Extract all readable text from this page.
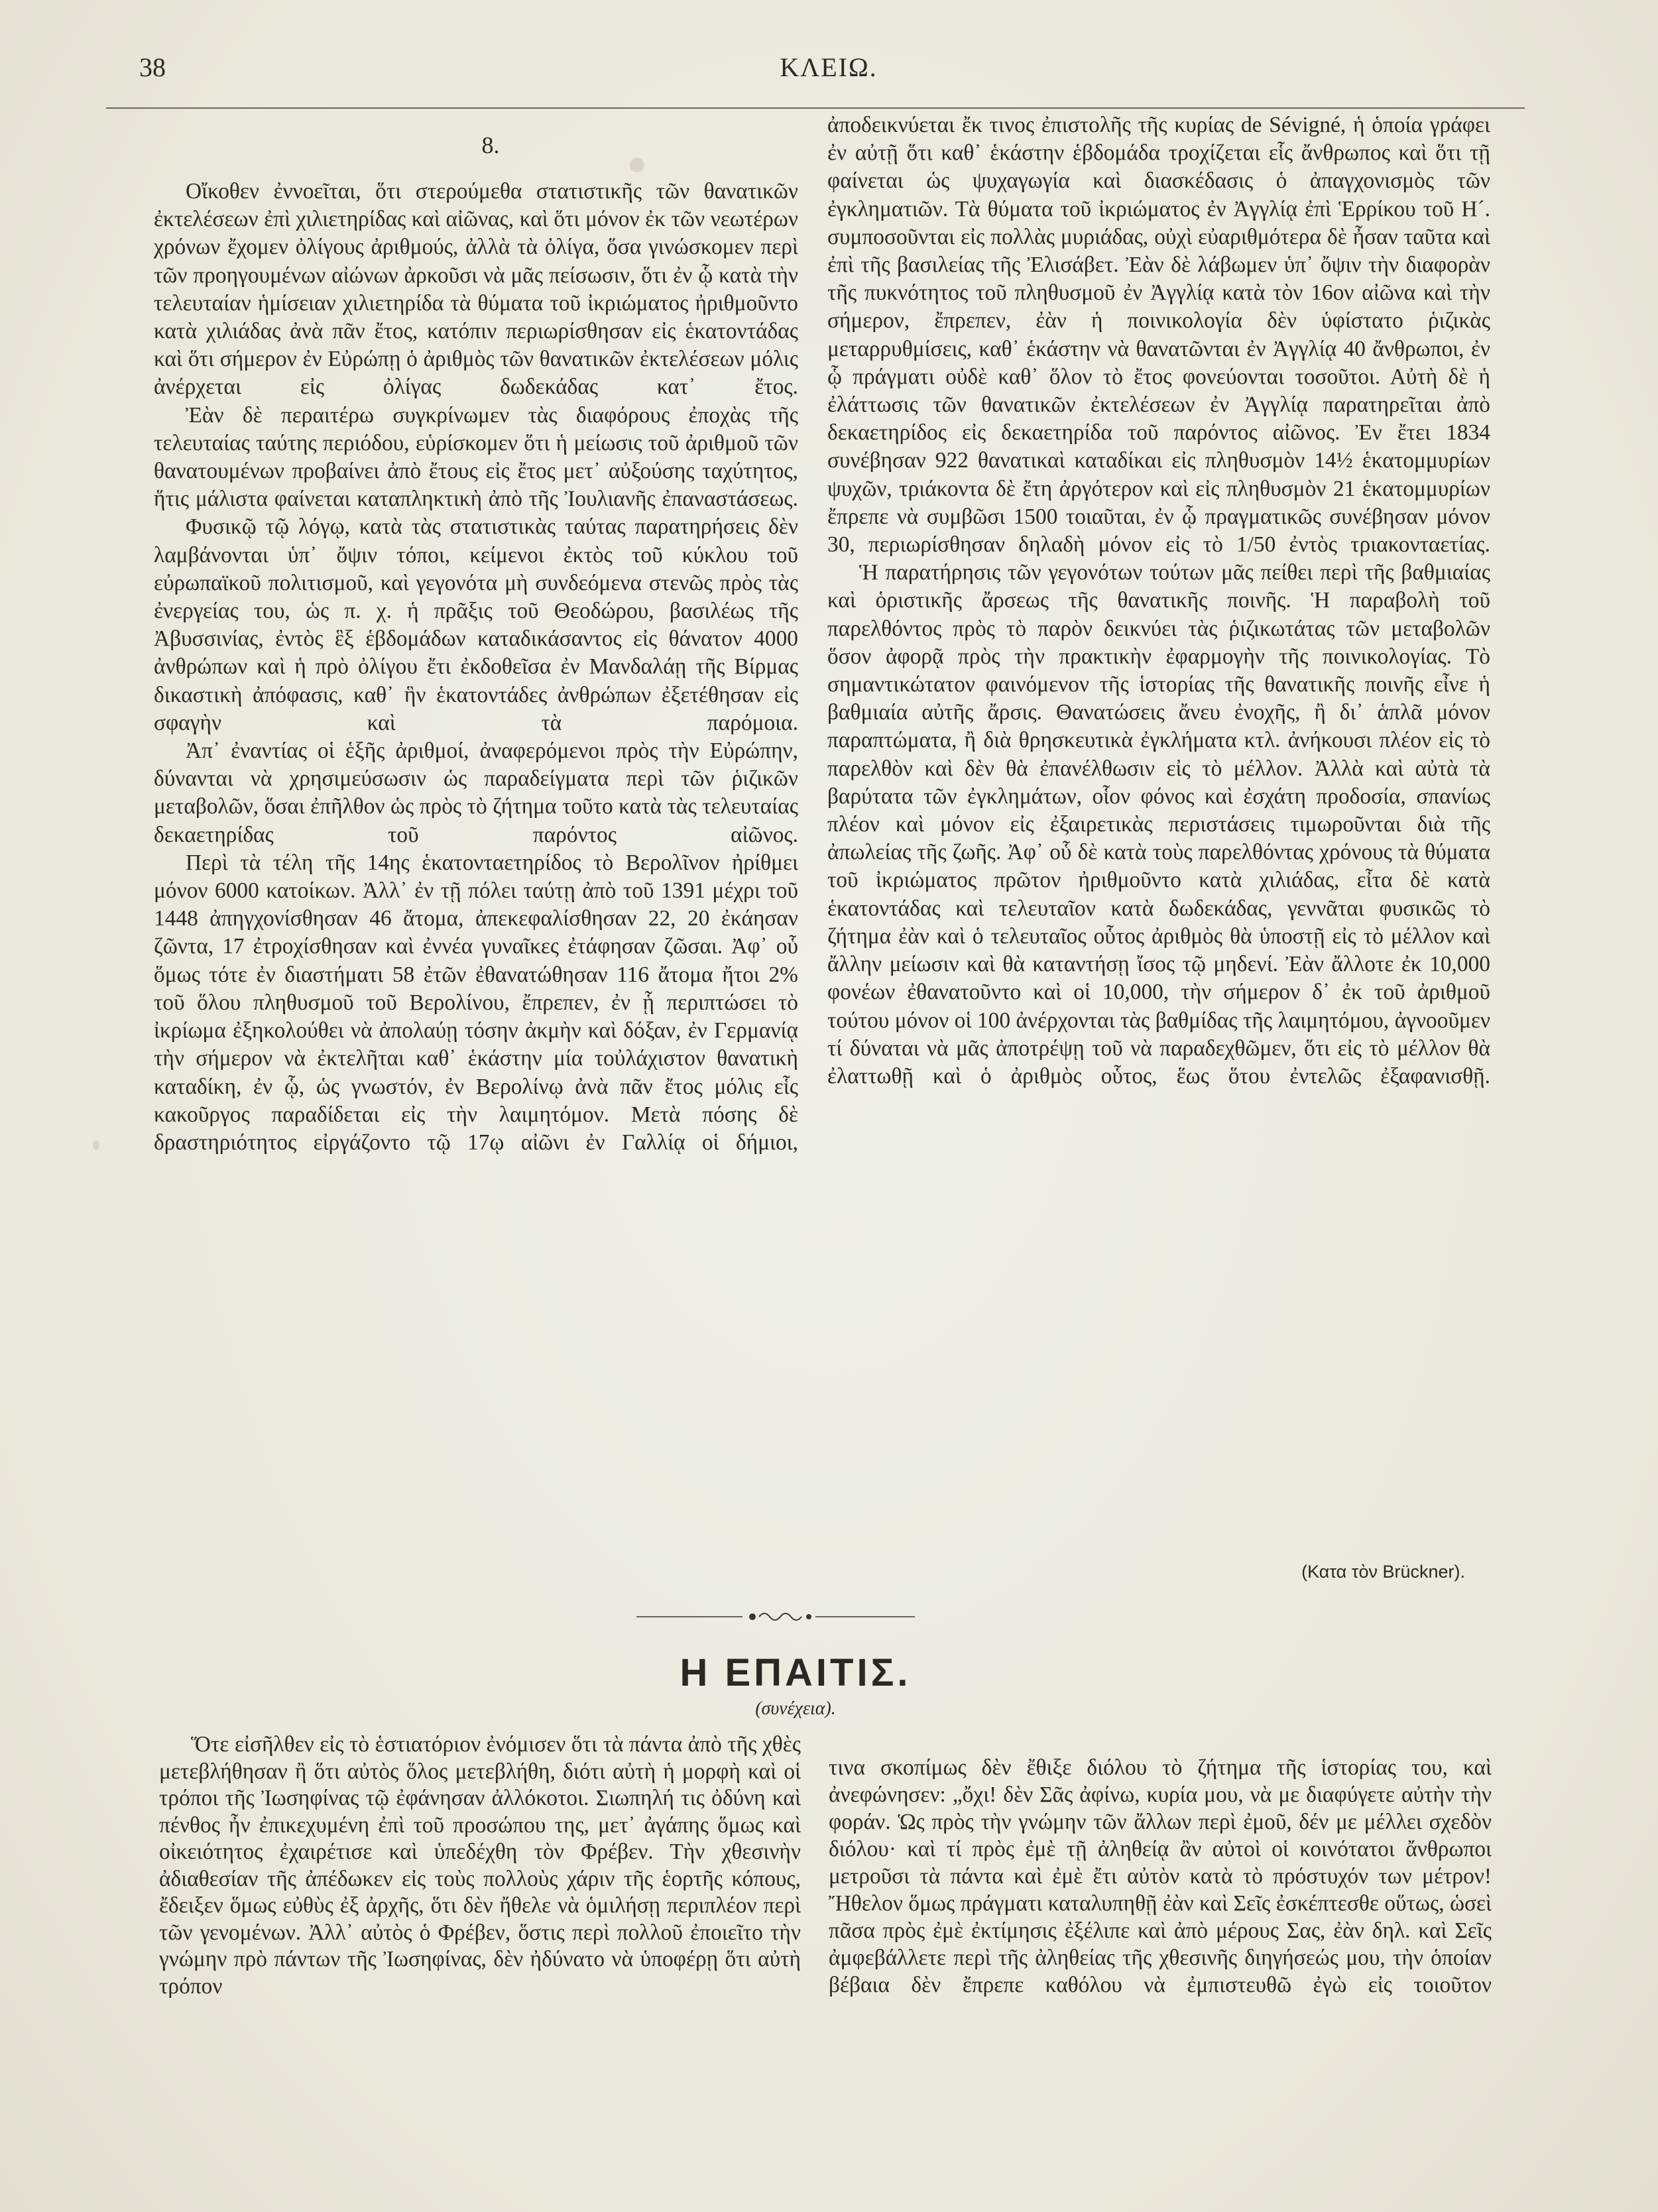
38	ΚΛΕΙΩ.
8.

Οἴκοθεν ἐννοεῖται, ὅτι στερούμεθα στατιστικῆς τῶν θανατικῶν ἐκτελέσεων ἐπὶ χιλιετηρίδας καὶ αἰῶνας, καὶ ὅτι μόνον ἐκ τῶν νεωτέρων χρόνων ἔχομεν ὀλίγους ἀριθμούς, ἀλλὰ τὰ ὀλίγα, ὅσα γινώσκομεν περὶ τῶν προηγουμένων αἰώνων ἀρκοῦσι νὰ μᾶς πείσωσιν, ὅτι ἐν ᾧ κατὰ τὴν τελευταίαν ἡμίσειαν χιλιετηρίδα τὰ θύματα τοῦ ἰκριώματος ἠριθμοῦντο κατὰ χιλιάδας ἀνὰ πᾶν ἔτος, κατόπιν περιωρίσθησαν εἰς ἑκατοντάδας καὶ ὅτι σήμερον ἐν Εὐρώπῃ ὁ ἀριθμὸς τῶν θανατικῶν ἐκτελέσεων μόλις ἀνέρχεται εἰς ὀλίγας δωδεκάδας κατ᾽ ἔτος.

Ἐὰν δὲ περαιτέρω συγκρίνωμεν τὰς διαφόρους ἐποχὰς τῆς τελευταίας ταύτης περιόδου, εὑρίσκομεν ὅτι ἡ μείωσις τοῦ ἀριθμοῦ τῶν θανατουμένων προβαίνει ἀπὸ ἔτους εἰς ἔτος μετ᾽ αὐξούσης ταχύτητος, ἥτις μάλιστα φαίνεται καταπληκτικὴ ἀπὸ τῆς Ἰουλιανῆς ἐπαναστάσεως.

Φυσικῷ τῷ λόγῳ, κατὰ τὰς στατιστικὰς ταύτας παρατηρήσεις δὲν λαμβάνονται ὑπ᾽ ὄψιν τόποι, κείμενοι ἐκτὸς τοῦ κύκλου τοῦ εὐρωπαϊκοῦ πολιτισμοῦ, καὶ γεγονότα μὴ συνδεόμενα στενῶς πρὸς τὰς ἐνεργείας του, ὡς π. χ. ἡ πρᾶξις τοῦ Θεοδώρου, βασιλέως τῆς Ἀβυσσινίας, ἐντὸς ἓξ ἑβδομάδων καταδικάσαντος εἰς θάνατον 4000 ἀνθρώπων καὶ ἡ πρὸ ὀλίγου ἔτι ἐκδοθεῖσα ἐν Μανδαλάῃ τῆς Βίρμας δικαστικὴ ἀπόφασις, καθ᾽ ἣν ἑκατοντάδες ἀνθρώπων ἐξετέθησαν εἰς σφαγὴν καὶ τὰ παρόμοια.

Ἀπ᾽ ἐναντίας οἱ ἑξῆς ἀριθμοί, ἀναφερόμενοι πρὸς τὴν Εὐρώπην, δύνανται νὰ χρησιμεύσωσιν ὡς παραδείγματα περὶ τῶν ῥιζικῶν μεταβολῶν, ὅσαι ἐπῆλθον ὡς πρὸς τὸ ζήτημα τοῦτο κατὰ τὰς τελευταίας δεκαετηρίδας τοῦ παρόντος αἰῶνος.

Περὶ τὰ τέλη τῆς 14ης ἑκατονταετηρίδος τὸ Βερολῖνον ἠρίθμει μόνον 6000 κατοίκων. Ἀλλ᾽ ἐν τῇ πόλει ταύτῃ ἀπὸ τοῦ 1391 μέχρι τοῦ 1448 ἀπηγχονίσθησαν 46 ἄτομα, ἀπεκεφαλίσθησαν 22, 20 ἐκάησαν ζῶντα, 17 ἐτροχίσθησαν καὶ ἐννέα γυναῖκες ἐτάφησαν ζῶσαι. Ἀφ᾽ οὗ ὅμως τότε ἐν διαστήματι 58 ἐτῶν ἐθανατώθησαν 116 ἄτομα ἤτοι 2% τοῦ ὅλου πληθυσμοῦ τοῦ Βερολίνου, ἔπρεπεν, ἐν ᾗ περιπτώσει τὸ ἰκρίωμα ἐξηκολούθει νὰ ἀπολαύῃ τόσην ἀκμὴν καὶ δόξαν, ἐν Γερμανίᾳ τὴν σήμερον νὰ ἐκτελῆται καθ᾽ ἑκάστην μία τοὐλάχιστον θανατικὴ καταδίκη, ἐν ᾧ, ὡς γνωστόν, ἐν Βερολίνῳ ἀνὰ πᾶν ἔτος μόλις εἷς κακοῦργος παραδίδεται εἰς τὴν λαιμητόμον. Μετὰ πόσης δὲ δραστηριότητος εἰργάζοντο τῷ 17ῳ αἰῶνι ἐν Γαλλίᾳ οἱ δήμιοι,

ἀποδεικνύεται ἔκ τινος ἐπιστολῆς τῆς κυρίας de Sévigné, ἡ ὁποία γράφει ἐν αὐτῇ ὅτι καθ᾽ ἑκάστην ἑβδομάδα τροχίζεται εἷς ἄνθρωπος καὶ ὅτι τῇ φαίνεται ὡς ψυχαγωγία καὶ διασκέδασις ὁ ἀπαγχονισμὸς τῶν ἐγκληματιῶν. Τὰ θύματα τοῦ ἰκριώματος ἐν Ἀγγλίᾳ ἐπὶ Ἑρρίκου τοῦ Η´. συμποσοῦνται εἰς πολλὰς μυριάδας, οὐχὶ εὐαριθμότερα δὲ ἦσαν ταῦτα καὶ ἐπὶ τῆς βασιλείας τῆς Ἐλισάβετ. Ἐὰν δὲ λάβωμεν ὑπ᾽ ὄψιν τὴν διαφορὰν τῆς πυκνότητος τοῦ πληθυσμοῦ ἐν Ἀγγλίᾳ κατὰ τὸν 16ον αἰῶνα καὶ τὴν σήμερον, ἔπρεπεν, ἐὰν ἡ ποινικολογία δὲν ὑφίστατο ῥιζικὰς μεταρρυθμίσεις, καθ᾽ ἑκάστην νὰ θανατῶνται ἐν Ἀγγλίᾳ 40 ἄνθρωποι, ἐν ᾧ πράγματι οὐδὲ καθ᾽ ὅλον τὸ ἔτος φονεύονται τοσοῦτοι. Αὐτὴ δὲ ἡ ἐλάττωσις τῶν θανατικῶν ἐκτελέσεων ἐν Ἀγγλίᾳ παρατηρεῖται ἀπὸ δεκαετηρίδος εἰς δεκαετηρίδα τοῦ παρόντος αἰῶνος. Ἐν ἔτει 1834 συνέβησαν 922 θανατικαὶ καταδίκαι εἰς πληθυσμὸν 14½ ἑκατομμυρίων ψυχῶν, τριάκοντα δὲ ἔτη ἀργότερον καὶ εἰς πληθυσμὸν 21 ἑκατομμυρίων ἔπρεπε νὰ συμβῶσι 1500 τοιαῦται, ἐν ᾧ πραγματικῶς συνέβησαν μόνον 30, περιωρίσθησαν δηλαδὴ μόνον εἰς τὸ 1/50 ἐντὸς τριακονταετίας.

Ἡ παρατήρησις τῶν γεγονότων τούτων μᾶς πείθει περὶ τῆς βαθμιαίας καὶ ὁριστικῆς ἄρσεως τῆς θανατικῆς ποινῆς. Ἡ παραβολὴ τοῦ παρελθόντος πρὸς τὸ παρὸν δεικνύει τὰς ῥιζικωτάτας τῶν μεταβολῶν ὅσον ἀφορᾷ πρὸς τὴν πρακτικὴν ἐφαρμογὴν τῆς ποινικολογίας. Τὸ σημαντικώτατον φαινόμενον τῆς ἱστορίας τῆς θανατικῆς ποινῆς εἶνε ἡ βαθμιαία αὐτῆς ἄρσις. Θανατώσεις ἄνευ ἐνοχῆς, ἢ δι᾽ ἁπλᾶ μόνον παραπτώματα, ἢ διὰ θρησκευτικὰ ἐγκλήματα κτλ. ἀνήκουσι πλέον εἰς τὸ παρελθὸν καὶ δὲν θὰ ἐπανέλθωσιν εἰς τὸ μέλλον. Ἀλλὰ καὶ αὐτὰ τὰ βαρύτατα τῶν ἐγκλημάτων, οἷον φόνος καὶ ἐσχάτη προδοσία, σπανίως πλέον καὶ μόνον εἰς ἐξαιρετικὰς περιστάσεις τιμωροῦνται διὰ τῆς ἀπωλείας τῆς ζωῆς. Ἀφ᾽ οὗ δὲ κατὰ τοὺς παρελθόντας χρόνους τὰ θύματα τοῦ ἰκριώματος πρῶτον ἠριθμοῦντο κατὰ χιλιάδας, εἶτα δὲ κατὰ ἑκατοντάδας καὶ τελευταῖον κατὰ δωδεκάδας, γεννᾶται φυσικῶς τὸ ζήτημα ἐὰν καὶ ὁ τελευταῖος οὗτος ἀριθμὸς θὰ ὑποστῇ εἰς τὸ μέλλον καὶ ἄλλην μείωσιν καὶ θὰ καταντήσῃ ἴσος τῷ μηδενί. Ἐὰν ἄλλοτε ἐκ 10,000 φονέων ἐθανατοῦντο καὶ οἱ 10,000, τὴν σήμερον δ᾽ ἐκ τοῦ ἀριθμοῦ τούτου μόνον οἱ 100 ἀνέρχονται τὰς βαθμίδας τῆς λαιμητόμου, ἀγνοοῦμεν τί δύναται νὰ μᾶς ἀποτρέψῃ τοῦ νὰ παραδεχθῶμεν, ὅτι εἰς τὸ μέλλον θὰ ἐλαττωθῇ καὶ ὁ ἀριθμὸς οὗτος, ἕως ὅτου ἐντελῶς ἐξαφανισθῇ.

(Κατα τὸν Brückner).
Η ΕΠΑΙΤΙΣ.
(συνέχεια).

Ὅτε εἰσῆλθεν εἰς τὸ ἑστιατόριον ἐνόμισεν ὅτι τὰ πάντα ἀπὸ τῆς χθὲς μετεβλήθησαν ἢ ὅτι αὐτὸς ὅλος μετεβλήθη, διότι αὐτὴ ἡ μορφὴ καὶ οἱ τρόποι τῆς Ἰωσηφίνας τῷ ἐφάνησαν ἀλλόκοτοι. Σιωπηλή τις ὀδύνη καὶ πένθος ἦν ἐπικεχυμένη ἐπὶ τοῦ προσώπου της, μετ᾽ ἀγάπης ὅμως καὶ οἰκειότητος ἐχαιρέτισε καὶ ὑπεδέχθη τὸν Φρέβεν. Τὴν χθεσινὴν ἀδιαθεσίαν τῆς ἀπέδωκεν εἰς τοὺς πολλοὺς χάριν τῆς ἑορτῆς κόπους, ἔδειξεν ὅμως εὐθὺς ἐξ ἀρχῆς, ὅτι δὲν ἤθελε νὰ ὁμιλήσῃ περιπλέον περὶ τῶν γενομένων. Ἀλλ᾽ αὐτὸς ὁ Φρέβεν, ὅστις περὶ πολλοῦ ἐποιεῖτο τὴν γνώμην πρὸ πάντων τῆς Ἰωσηφίνας, δὲν ἠδύνατο νὰ ὑποφέρῃ ὅτι αὐτὴ τρόπον

τινα σκοπίμως δὲν ἔθιξε διόλου τὸ ζήτημα τῆς ἱστορίας του, καὶ ἀνεφώνησεν: „ὄχι! δὲν Σᾶς ἀφίνω, κυρία μου, νὰ με διαφύγετε αὐτὴν τὴν φοράν. Ὡς πρὸς τὴν γνώμην τῶν ἄλλων περὶ ἐμοῦ, δέν με μέλλει σχεδὸν διόλου· καὶ τί πρὸς ἐμὲ τῇ ἀληθείᾳ ἂν αὐτοὶ οἱ κοινότατοι ἄνθρωποι μετροῦσι τὰ πάντα καὶ ἐμὲ ἔτι αὐτὸν κατὰ τὸ πρόστυχόν των μέτρον! Ἤθελον ὅμως πράγματι καταλυπηθῇ ἐὰν καὶ Σεῖς ἐσκέπτεσθε οὕτως, ὡσεὶ πᾶσα πρὸς ἐμὲ ἐκτίμησις ἐξέλιπε καὶ ἀπὸ μέρους Σας, ἐὰν δηλ. καὶ Σεῖς ἀμφεβάλλετε περὶ τῆς ἀληθείας τῆς χθεσινῆς διηγήσεώς μου, τὴν ὁποίαν βέβαια δὲν ἔπρεπε καθόλου νὰ ἐμπιστευθῶ ἐγὼ εἰς τοιοῦτον
